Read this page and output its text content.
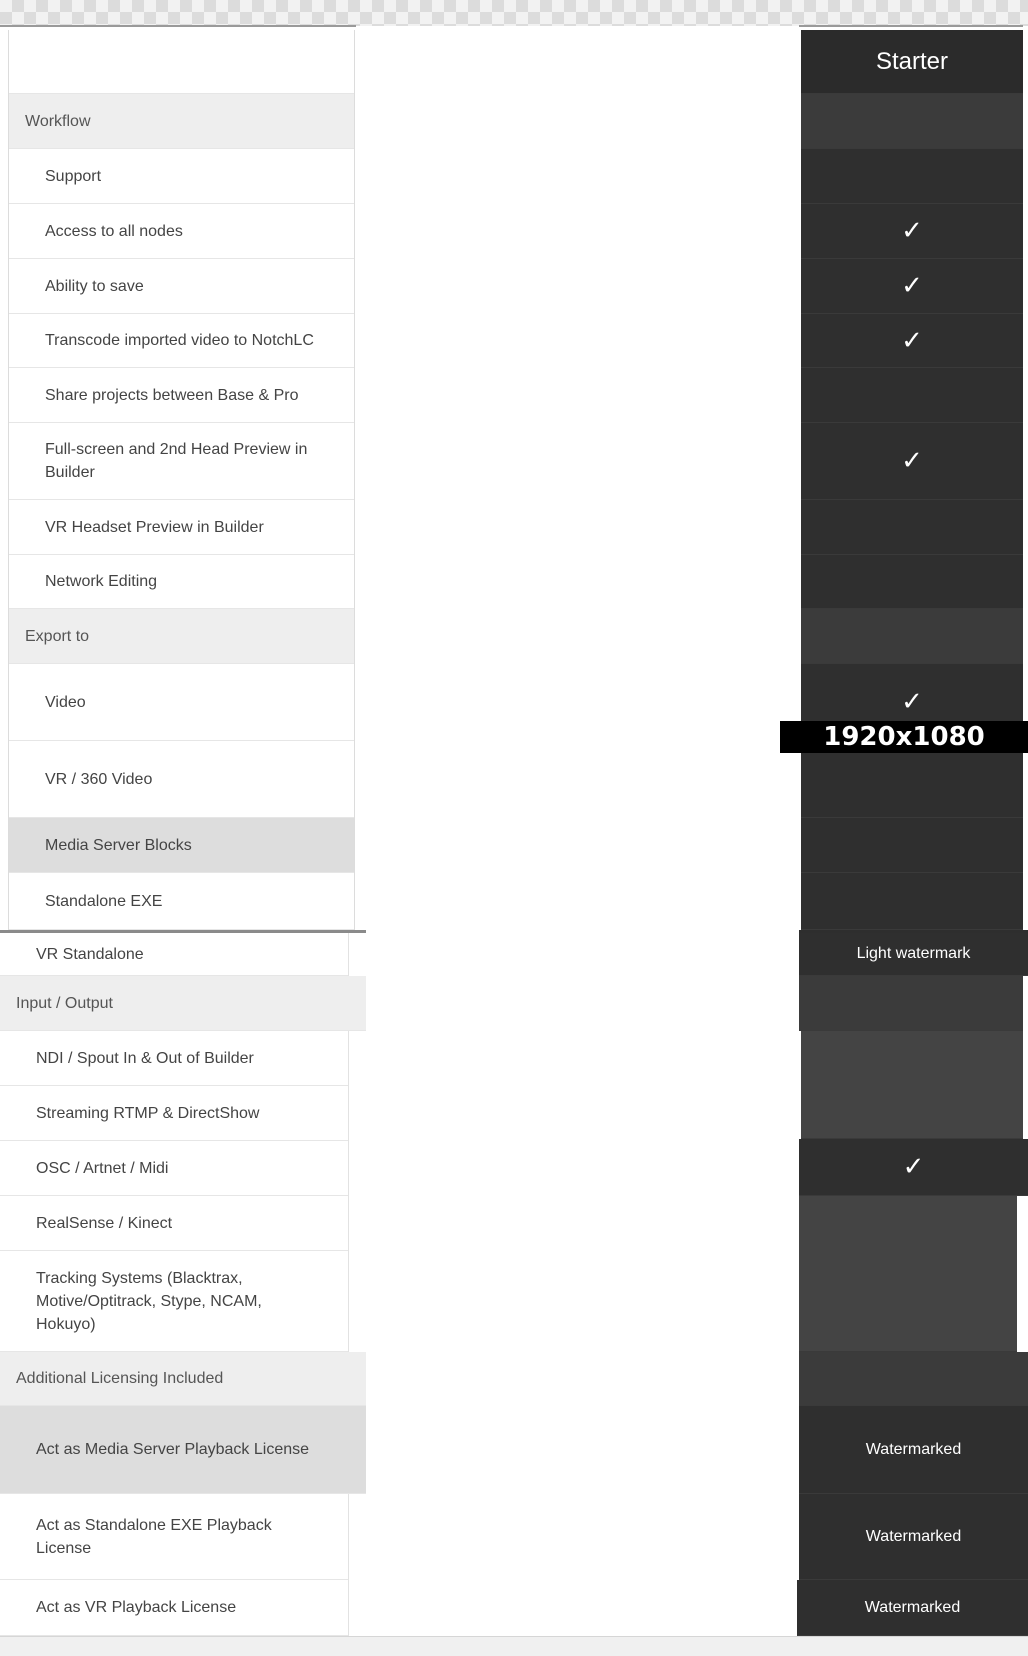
Workflow
Support
Access to all nodes
Ability to save
Transcode imported video to NotchLC
Share projects between Base & Pro
Full-screen and 2nd Head Preview in Builder
VR Headset Preview in Builder
Network Editing
Export to
Video
VR / 360 Video
Media Server Blocks
Standalone EXE
VR Standalone
Input / Output
NDI / Spout In & Out of Builder
Streaming RTMP & DirectShow
OSC / Artnet / Midi
RealSense / Kinect
Tracking Systems (Blacktrax, Motive/Optitrack, Stype, NCAM, Hokuyo)
Additional Licensing Included
Act as Media Server Playback License
Act as Standalone EXE Playback License
Act as VR Playback License
Starter
✓
✓
✓
✓
✓
1920x1080
Light watermark
✓
Watermarked
Watermarked
Watermarked
